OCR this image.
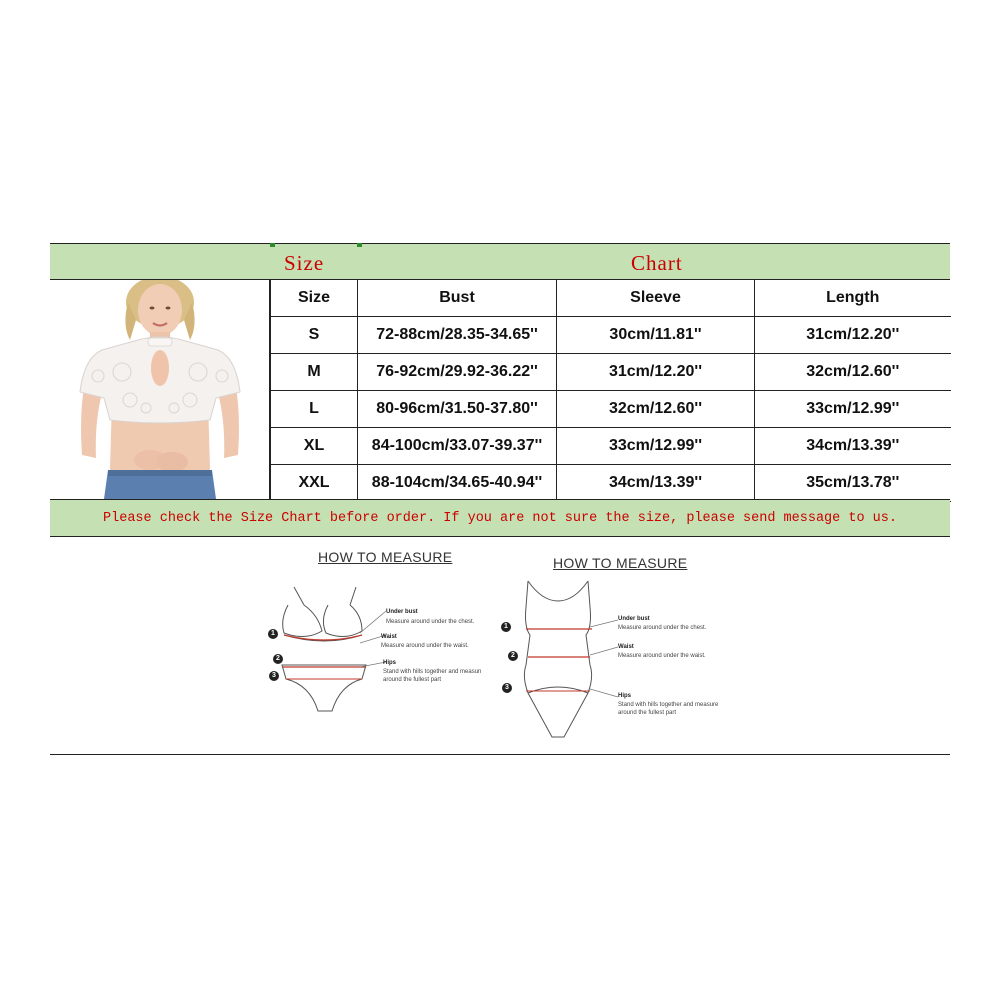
Size	Chart
Size	Bust	Sleeve	Length
S	72-88cm/28.35-34.65''	30cm/11.81''	31cm/12.20''
M	76-92cm/29.92-36.22''	31cm/12.20''	32cm/12.60''
L	80-96cm/31.50-37.80''	32cm/12.60''	33cm/12.99''
XL	84-100cm/33.07-39.37''	33cm/12.99''	34cm/13.39''
XXL	88-104cm/34.65-40.94''	34cm/13.39''	35cm/13.78''
Please check the Size Chart before order. If you are not sure the size, please send message to us.
HOW TO MEASURE
1
2
3
Under bust
Measure around under the chest.
Waist
Measure around under the waist.
Hips
Stand with hills together and measun around the fullest part
HOW TO MEASURE
1
2
3
Under bust
Measure around under the chest.
Waist
Measure around under the waist.
Hips
Stand with hills together and measure around the fullest part
